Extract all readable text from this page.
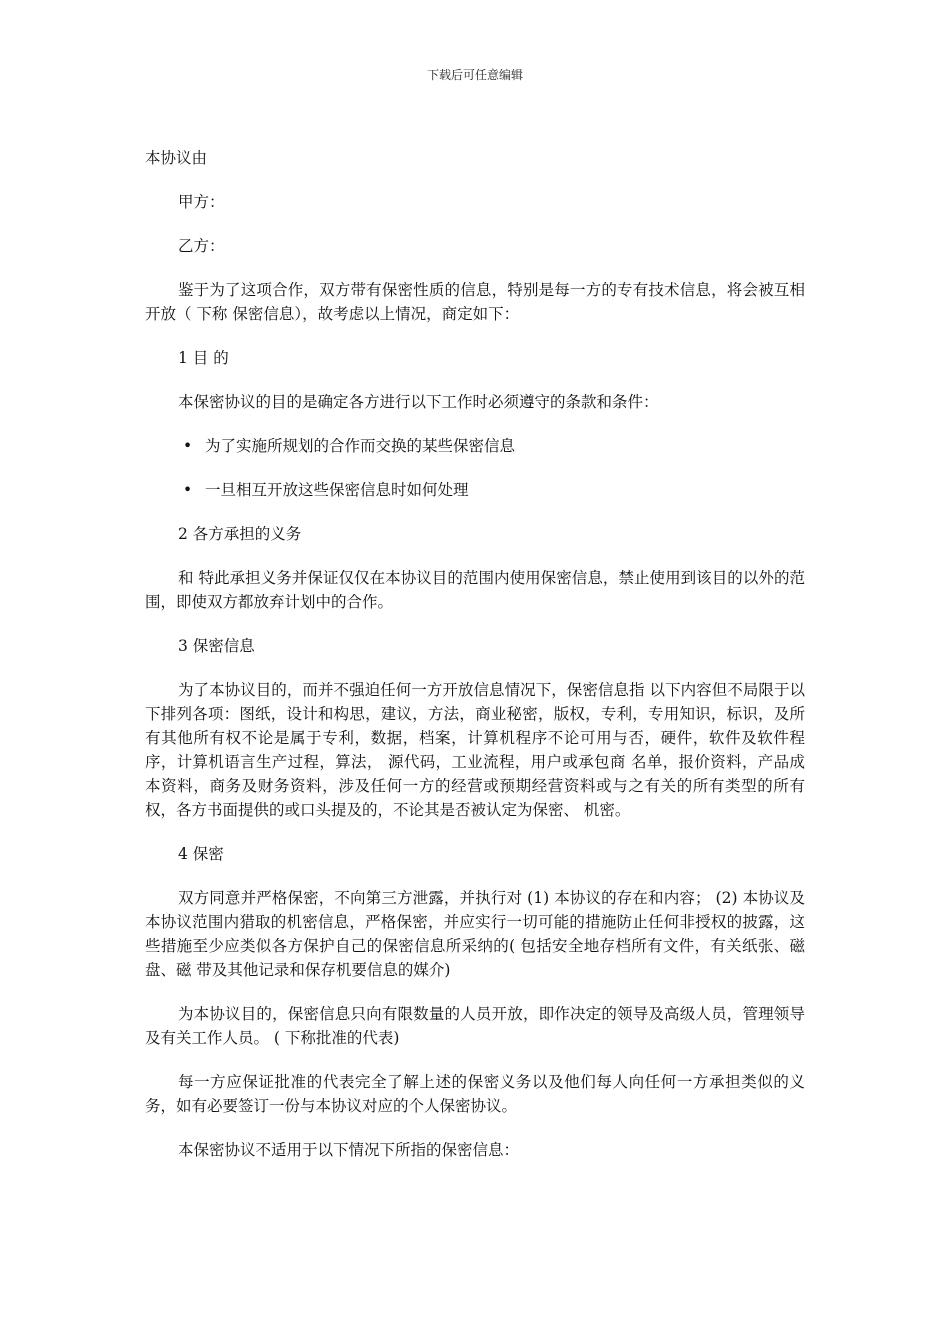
下载后可任意编辑

本协议由

甲方：

乙方：

鉴于为了这项合作，双方带有保密性质的信息，特别是每一方的专有技术信息，将会被互相开放（ 下称 保密信息），故考虑以上情况，商定如下：

1 目 的

本保密协议的目的是确定各方进行以下工作时必须遵守的条款和条件：

• 为了实施所规划的合作而交换的某些保密信息
• 一旦相互开放这些保密信息时如何处理

2 各方承担的义务

和 特此承担义务并保证仅仅在本协议目的范围内使用保密信息，禁止使用到该目的以外的范围，即使双方都放弃计划中的合作。

3 保密信息

为了本协议目的，而并不强迫任何一方开放信息情况下，保密信息指 以下内容但不局限于以下排列各项：图纸，设计和构思，建议，方法，商业秘密，版权，专利，专用知识，标识，及所有其他所有权不论是属于专利，数据，档案，计算机程序不论可用与否，硬件，软件及软件程序，计算机语言生产过程，算法， 源代码，工业流程，用户或承包商 名单，报价资料，产品成本资料，商务及财务资料，涉及任何一方的经营或预期经营资料或与之有关的所有类型的所有权，各方书面提供的或口头提及的，不论其是否被认定为保密、 机密。

4 保密

双方同意并严格保密，不向第三方泄露，并执行对 (1) 本协议的存在和内容； (2) 本协议及本协议范围内猎取的机密信息，严格保密，并应实行一切可能的措施防止任何非授权的披露，这些措施至少应类似各方保护自己的保密信息所采纳的( 包括安全地存档所有文件，有关纸张、磁盘、磁 带及其他记录和保存机要信息的媒介)

为本协议目的，保密信息只向有限数量的人员开放，即作决定的领导及高级人员，管理领导及有关工作人员。 ( 下称批准的代表)

每一方应保证批准的代表完全了解上述的保密义务以及他们每人向任何一方承担类似的义务，如有必要签订一份与本协议对应的个人保密协议。

本保密协议不适用于以下情况下所指的保密信息：
